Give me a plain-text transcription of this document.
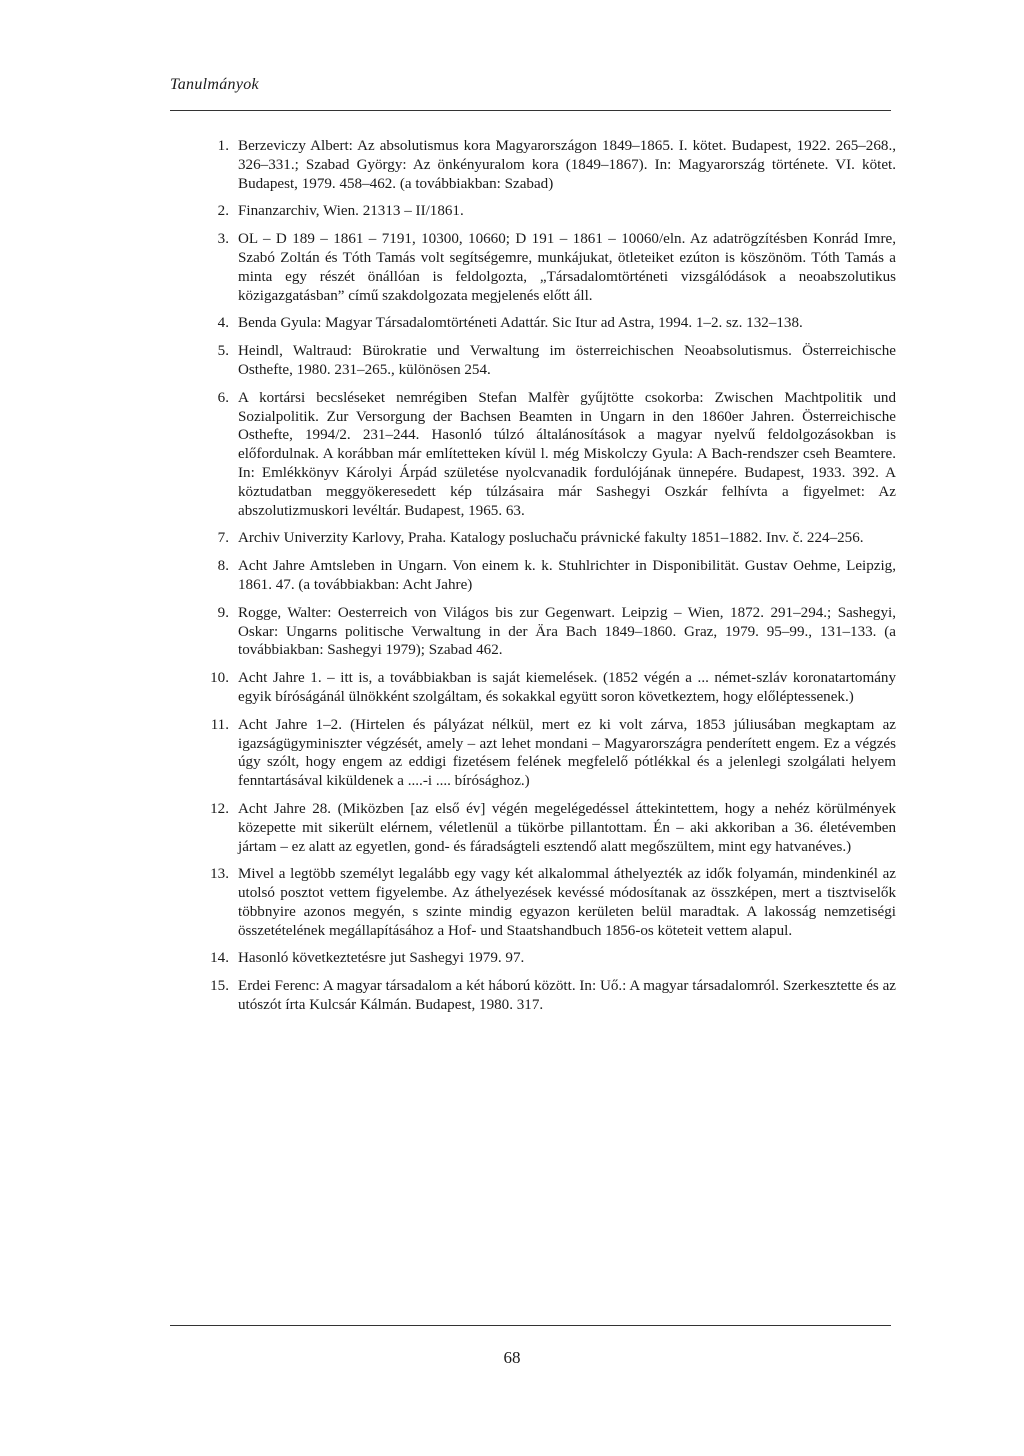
Tanulmányok
1. Berzeviczy Albert: Az absolutismus kora Magyarországon 1849–1865. I. kötet. Budapest, 1922. 265–268., 326–331.; Szabad György: Az önkényuralom kora (1849–1867). In: Magyarország története. VI. kötet. Budapest, 1979. 458–462. (a továbbiakban: Szabad)
2. Finanzarchiv, Wien. 21313 – II/1861.
3. OL – D 189 – 1861 – 7191, 10300, 10660; D 191 – 1861 – 10060/eln. Az adatrögzítésben Konrád Imre, Szabó Zoltán és Tóth Tamás volt segítségemre, munkájukat, ötleteiket ezúton is köszönöm. Tóth Tamás a minta egy részét önállóan is feldolgozta, „Társadalomtörténeti vizsgálódások a neoabszolutikus közigazgatásban” című szakdolgozata megjelenés előtt áll.
4. Benda Gyula: Magyar Társadalomtörténeti Adattár. Sic Itur ad Astra, 1994. 1–2. sz. 132–138.
5. Heindl, Waltraud: Bürokratie und Verwaltung im österreichischen Neoabsolutismus. Österreichische Osthefte, 1980. 231–265., különösen 254.
6. A kortársi becsléseket nemrégiben Stefan Malfèr gyűjtötte csokorba: Zwischen Machtpolitik und Sozialpolitik. Zur Versorgung der Bachsen Beamten in Ungarn in den 1860er Jahren. Österreichische Osthefte, 1994/2. 231–244. Hasonló túlzó általánosítások a magyar nyelvű feldolgozásokban is előfordulnak. A korábban már említetteken kívül l. még Miskolczy Gyula: A Bach-rendszer cseh Beamtere. In: Emlékkönyv Károlyi Árpád születése nyolcvanadik fordulójának ünnepére. Budapest, 1933. 392. A köztudatban meggyökeresedett kép túlzásaira már Sashegyi Oszkár felhívta a figyelmet: Az abszolutizmuskori levéltár. Budapest, 1965. 63.
7. Archiv Univerzity Karlovy, Praha. Katalogy posluchaču právnické fakulty 1851–1882. Inv. č. 224–256.
8. Acht Jahre Amtsleben in Ungarn. Von einem k. k. Stuhlrichter in Disponibilität. Gustav Oehme, Leipzig, 1861. 47. (a továbbiakban: Acht Jahre)
9. Rogge, Walter: Oesterreich von Világos bis zur Gegenwart. Leipzig – Wien, 1872. 291–294.; Sashegyi, Oskar: Ungarns politische Verwaltung in der Ära Bach 1849–1860. Graz, 1979. 95–99., 131–133. (a továbbiakban: Sashegyi 1979); Szabad 462.
10. Acht Jahre 1. – itt is, a továbbiakban is saját kiemelések. (1852 végén a ... német-szláv koronatartomány egyik bíróságánál ülnökként szolgáltam, és sokakkal együtt soron következtem, hogy előléptessenek.)
11. Acht Jahre 1–2. (Hirtelen és pályázat nélkül, mert ez ki volt zárva, 1853 júliusában megkaptam az igazságügyminiszter végzését, amely – azt lehet mondani – Magyarországra penderített engem. Ez a végzés úgy szólt, hogy engem az eddigi fizetésem felének megfelelő pótlékkal és a jelenlegi szolgálati helyem fenntartásával kiküldenek a ....-i .... bírósághoz.)
12. Acht Jahre 28. (Miközben [az első év] végén megelégedéssel áttekintettem, hogy a nehéz körülmények közepette mit sikerült elérnem, véletlenül a tükörbe pillantottam. Én – aki akkoriban a 36. életévemben jártam – ez alatt az egyetlen, gond- és fáradságteli esztendő alatt megőszültem, mint egy hatvanéves.)
13. Mivel a legtöbb személyt legalább egy vagy két alkalommal áthelyezték az idők folyamán, mindenkinél az utolsó posztot vettem figyelembe. Az áthelyezések kevéssé módosítanak az összképen, mert a tisztviselők többnyire azonos megyén, s szinte mindig egyazon kerületen belül maradtak. A lakosság nemzetiségi összetételének megállapításához a Hof- und Staatshandbuch 1856-os köteteit vettem alapul.
14. Hasonló következtetésre jut Sashegyi 1979. 97.
15. Erdei Ferenc: A magyar társadalom a két háború között. In: Uő.: A magyar társadalomról. Szerkesztette és az utószót írta Kulcsár Kálmán. Budapest, 1980. 317.
68
